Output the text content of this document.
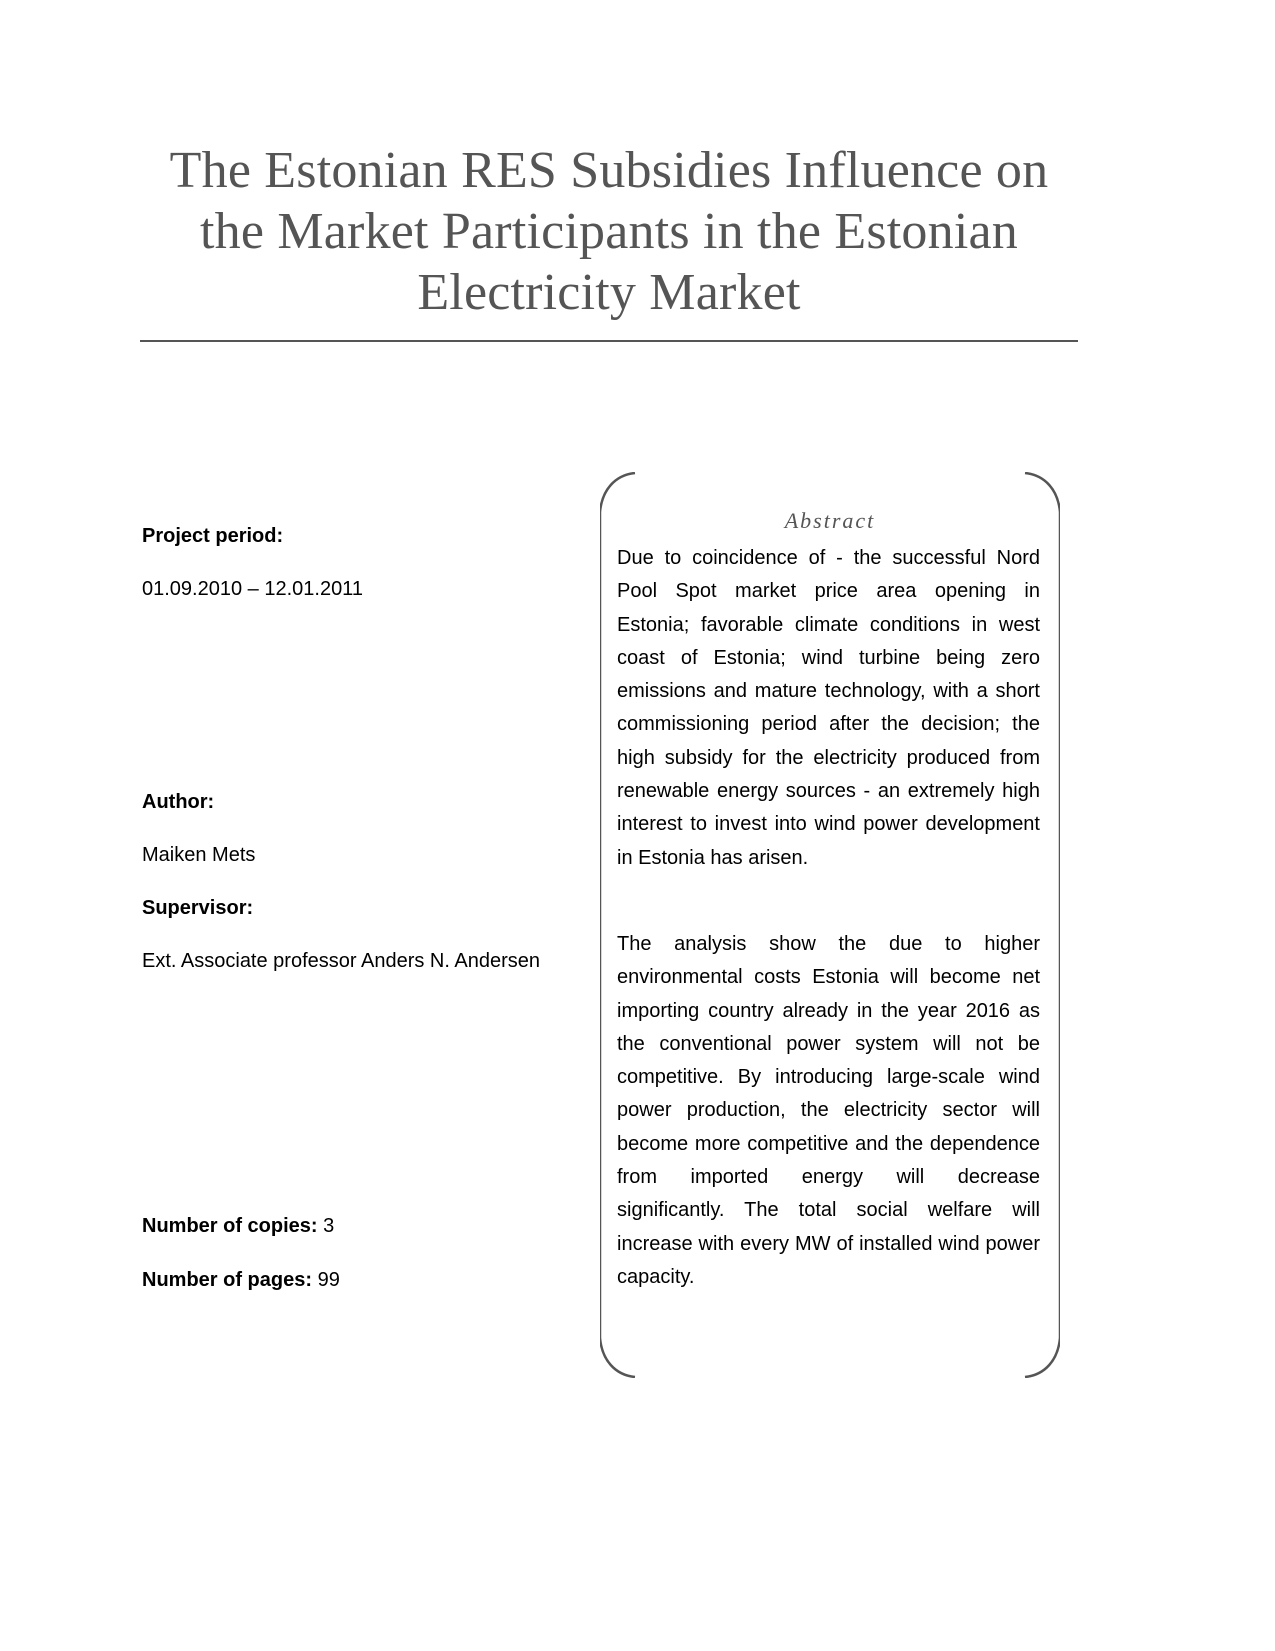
The Estonian RES Subsidies Influence on
the Market Participants in the Estonian
Electricity Market
Project period:
01.09.2010 – 12.01.2011
Author:
Maiken Mets
Supervisor:
Ext. Associate professor Anders N. Andersen
Number of copies: 3
Number of pages: 99
Abstract
Due to coincidence of - the successful Nord Pool Spot market price area opening in Estonia; favorable climate conditions in west coast of Estonia; wind turbine being zero emissions and mature technology, with a short commissioning period after the decision; the high subsidy for the electricity produced from renewable energy sources - an extremely high interest to invest into wind power development in Estonia has arisen.
The analysis show the due to higher environmental costs Estonia will become net importing country already in the year 2016 as the conventional power system will not be competitive. By introducing large-scale wind power production, the electricity sector will become more competitive and the dependence from imported energy will decrease significantly. The total social welfare will increase with every MW of installed wind power capacity.
